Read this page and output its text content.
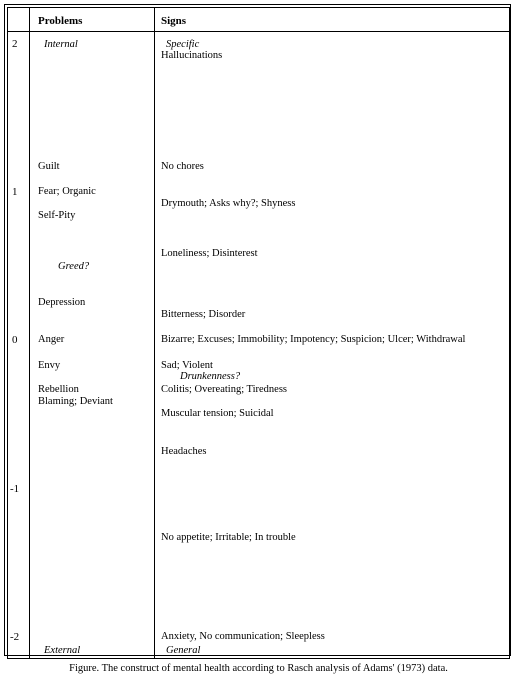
Problems	Signs
2
1
0
-1
-2
Internal
External
Specific
General
Guilt
Fear; Organic
Self-Pity
Greed?
Depression
Anger
Envy
Rebellion
Blaming; Deviant
Hallucinations
No chores
Drymouth; Asks why?; Shyness
Loneliness; Disinterest
Bitterness; Disorder
Bizarre; Excuses; Immobility; Impotency; Suspicion; Ulcer; Withdrawal
Sad; Violent
Drunkenness?
Colitis; Overeating; Tiredness
Muscular tension; Suicidal
Headaches
No appetite; Irritable; In trouble
Anxiety, No communication; Sleepless
Figure. The construct of mental health according to Rasch analysis of Adams' (1973) data.
